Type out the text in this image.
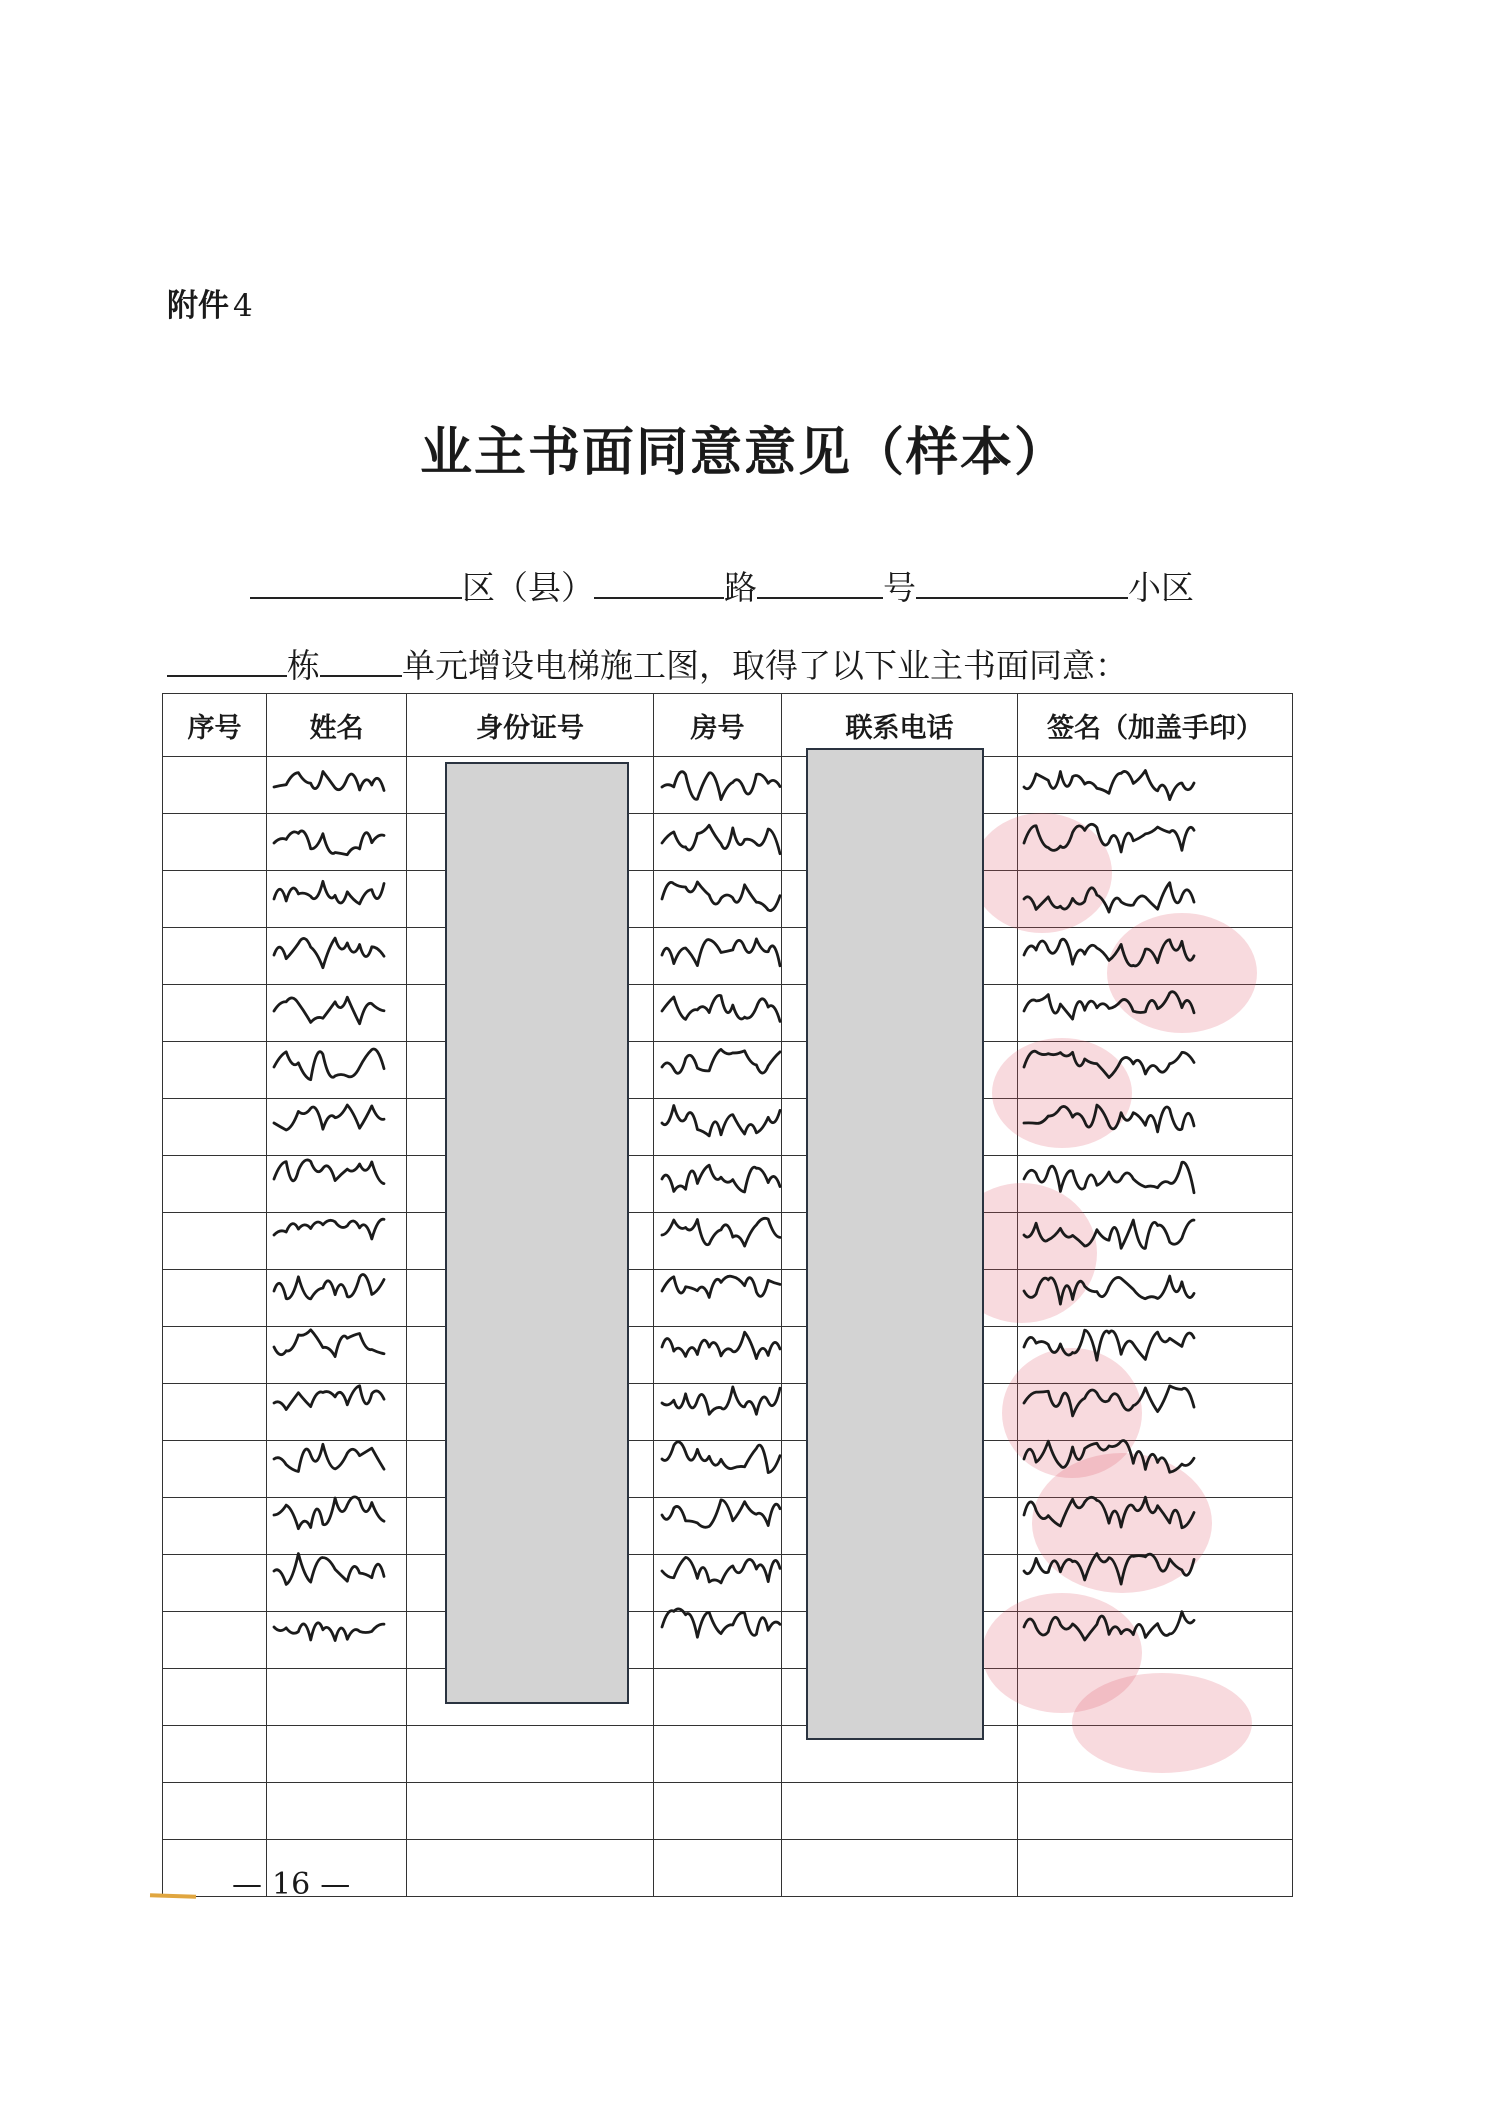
附件 4
业主书面同意意见（样本）
区（县）	路	号	小区
栋 单元增设电梯施工图，取得了以下业主书面同意：
序号	姓名	身份证号	房号	联系电话	签名（加盖手印）

— 16 —
